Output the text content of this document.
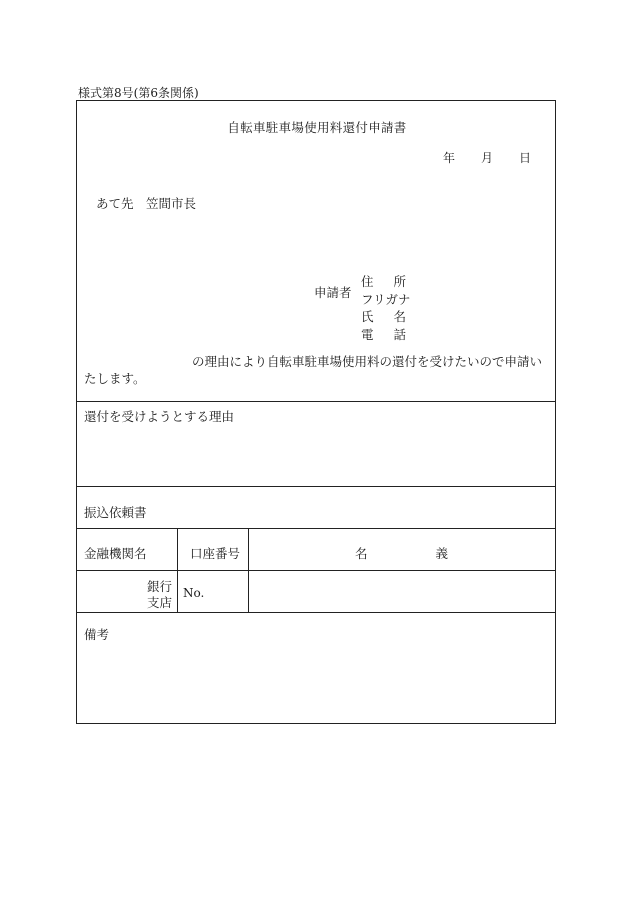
様式第8号(第6条関係)
自転車駐車場使用料還付申請書
年 月 日
あて先　笠間市長
申請者
住所
フリガナ
氏名
電話
の理由により自転車駐車場使用料の還付を受けたいので申請いたします。
還付を受けようとする理由
振込依頼書
金融機関名	口座番号	名義
銀行
支店
No.
備考
